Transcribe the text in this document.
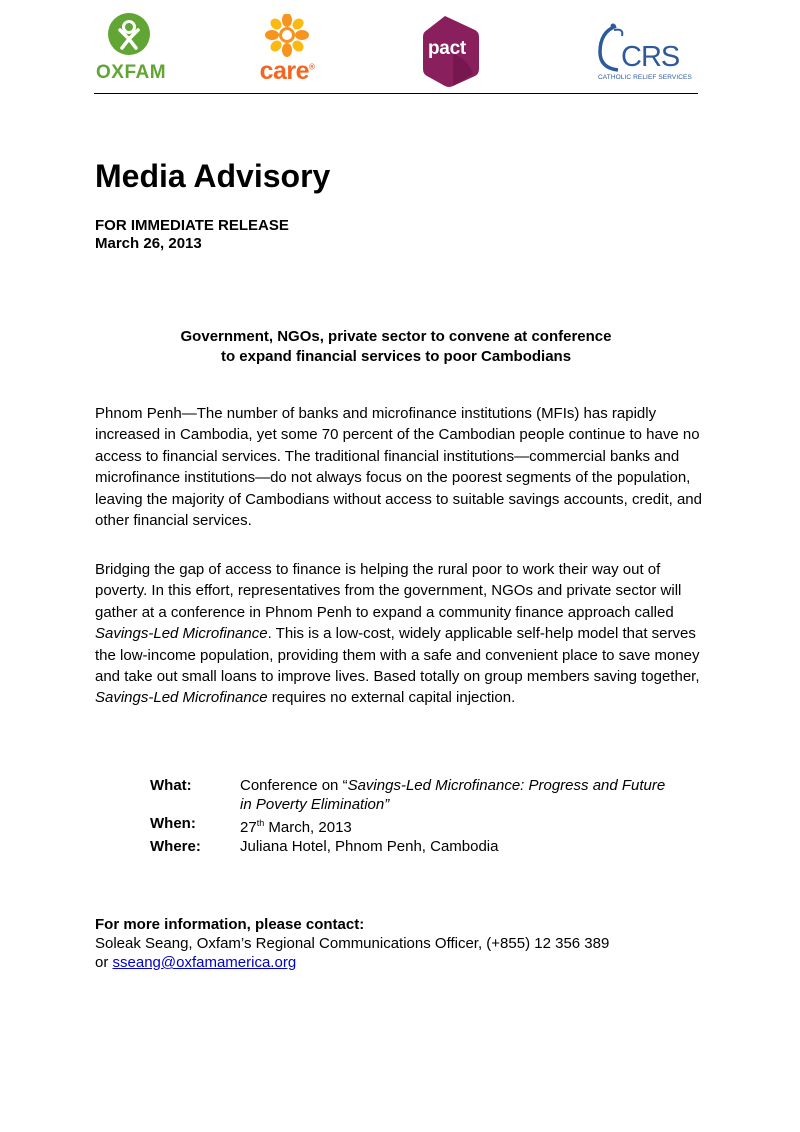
OXFAM	care®
pact	CRS
CATHOLIC RELIEF SERVICES
Media Advisory
FOR IMMEDIATE RELEASE
March 26, 2013
Government, NGOs, private sector to convene at conference
to expand financial services to poor Cambodians

Phnom Penh—The number of banks and microfinance institutions (MFIs) has rapidly increased in Cambodia, yet some 70 percent of the Cambodian people continue to have no access to financial services. The traditional financial institutions—commercial banks and microfinance institutions—do not always focus on the poorest segments of the population, leaving the majority of Cambodians without access to suitable savings accounts, credit, and other financial services.

Bridging the gap of access to finance is helping the rural poor to work their way out of poverty. In this effort, representatives from the government, NGOs and private sector will gather at a conference in Phnom Penh to expand a community finance approach called Savings-Led Microfinance. This is a low-cost, widely applicable self-help model that serves the low-income population, providing them with a safe and convenient place to save money and take out small loans to improve lives. Based totally on group members saving together, Savings-Led Microfinance requires no external capital injection.

What:	Conference on “Savings-Led Microfinance: Progress and Future in Poverty Elimination”
When:	27th March, 2013
Where:	Juliana Hotel, Phnom Penh, Cambodia
For more information, please contact:
Soleak Seang, Oxfam’s Regional Communications Officer, (+855) 12 356 389
or sseang@oxfamamerica.org
